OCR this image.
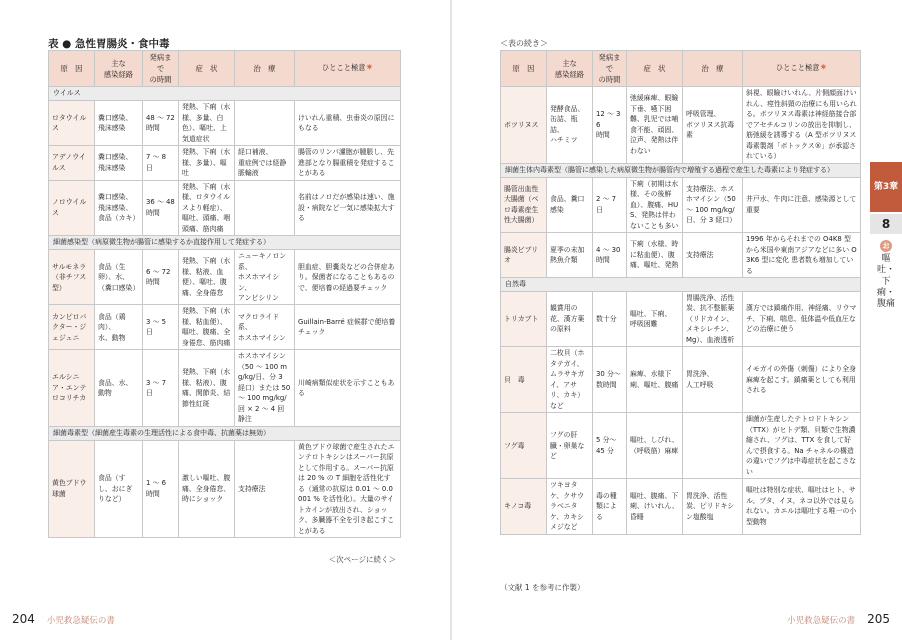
表 ● 急性胃腸炎・食中毒
原　因	主な
感染経路	発病まで
の時間	症　状	治　療	ひとこと極意✷
ウイルス					
ロタウイルス	糞口感染、
飛沫感染	48 〜 72
時間	発熱、下痢（水様、多量、白色）、嘔吐、上気道症状		けいれん重積、虫垂炎の原因にもなる
アデノウイルス	糞口感染、
飛沫感染	7 〜 8 日	発熱、下痢（水様、多量）、嘔吐	経口補液、
重症例では経静脈輸液	腸管のリンパ濾胞が腫脹し、先進部となり腸重積を発症することがある
ノロウイルス	糞口感染、
飛沫感染、
食品（カキ）	36 〜 48
時間	発熱、下痢（水様、ロタウイルスより軽症）、嘔吐、頭痛、咽頭痛、筋肉痛		名前はノロだが感染は速い、施設・病院など一気に感染拡大する
細菌感染型（病原微生物が腸管に感染するか直接作用して発症する）					
サルモネラ（非チフス型）	食品（生卵）、水、（糞口感染）	6 〜 72
時間	発熱、下痢（水様、粘液、血便）、嘔吐、腹痛、全身倦怠	ニューキノロン系、
ホスホマイシン、
アンピシリン	胆血症、胆嚢炎などの合併症あり。保菌者になることもあるので、便培養の経過要チェック
カンピロバクター・ジェジュニ	食品（鶏肉）、
水、動物	3 〜 5 日	発熱、下痢（水様、粘血便）、嘔吐、腹痛、全身倦怠、筋肉痛	マクロライド系、
ホスホマイシン	Guillain-Barré 症候群で便培養チェック
エルシニア・エンテロコリチカ	食品、水、
動物	3 〜 7 日	発熱、下痢（水様、粘液）、腹痛、関節炎、結節性紅斑	ホスホマイシン
（50 〜 100 mg/kg/日、分 3 経口）または 50 〜 100 mg/kg/回 × 2 〜 4 回静注	川崎病類似症状を示すこともある
細菌毒素型（細菌産生毒素の生理活性による食中毒、抗菌薬は無効）					
黄色ブドウ球菌	食品（すし、おにぎりなど）	1 〜 6
時間	激しい嘔吐、腹痛、全身倦怠、時にショック	支持療法	黄色ブドウ球菌で産生されたエンテロトキシンはスーパー抗原として作用する。スーパー抗原は 20 % の T 細胞を活性化する（通常の抗原は 0.01 〜 0.0001 % を活性化）。大量のサイトカインが放出され、ショック、多臓器不全を引き起こすことがある
＜次ページに続く＞
204 小児救急疑伝の書
＜表の続き＞
原　因	主な
感染経路	発病まで
の時間	症　状	治　療	ひとこと極意✷
ボツリヌス	発酵食品、
缶詰、瓶詰、
ハチミツ	12 〜 36
時間	弛緩麻痺、眼瞼下垂、嚥下困難、乳児では哺食不能、頑固、泣声、発熱は伴わない	呼吸管理、
ボツリヌス抗毒素	斜視、眼瞼けいれん、片側顔面けいれん、痙性斜頸の治療にも用いられる。ボツリヌス毒素は神経筋接合部でアセチルコリンの放出を抑制し、筋弛緩を誘導する（A 型ボツリヌス毒素製剤「ボトックス®」が承認されている）
細菌生体内毒素型（腸管に感染した病原微生物が腸管内で増殖する過程で産生した毒素により発症する）					
腸管出血性大腸菌（ベロ毒素産生性大腸菌）	食品、糞口感染	2 〜 7 日	下痢（初期は水様、その後鮮血）、腹痛、HUS、発熱は伴わないことも多い	支持療法、ホスホマイシン（50 〜 100 mg/kg/日、分 3 経口）	井戸水、牛肉に注意、感染源として重要
腸炎ビブリオ	夏季の未加熱魚介類	4 〜 30
時間	下痢（水様、時に粘血便）、腹痛、嘔吐、発熱	支持療法	1996 年からそれまでの O4K8 型から米国や東南アジアなどに多い O3K6 型に変化 患者数も増加している
自然毒					
トリカブト	観賞用の花、漢方薬の原料	数十分	嘔吐、下痢、
呼吸困難	胃腸洗浄、活性炭、抗不整脈薬（リドカイン、メキシレチン、Mg）、血液透析	漢方では鎮痛作用、神経痛、リウマチ、下痢、喘息、低体温や低血圧などの治療に使う
貝　毒	二枚貝（ホタテガイ、ムラサキガイ、アサリ、カキ）など	30 分〜数時間	麻痺、水様下痢、嘔吐、腹痛	胃洗浄、
人工呼吸	イモガイの外傷（刺傷）により全身麻痺を起こす。鎮痛薬としても利用される
フグ毒	フグの肝臓・卵巣など	5 分〜
45 分	嘔吐、しびれ、（呼吸筋）麻痺		細菌が生産したテトロドトキシン（TTX）がヒトデ類、貝類で生物濃縮され、フグは、TTX を食して好んで摂食する。Na チャネルの構造の違いでフグは中毒症状を起こさない
キノコ毒	ツキヨタケ、クサウラベニタケ、カキシメジなど	毒の種類による	嘔吐、腹痛、下痢、けいれん、昏睡	胃洗浄、活性炭、ピリドキシン塩酸塩	嘔吐は特別な症状、嘔吐はヒト、サル、ブタ、イヌ、ネコ以外では見られない。カエルは嘔吐する唯一の小型動物
（文献 1 を参考に作製）
小児救急疑伝の書 205
第3章
8
お
嘔吐・下痢・腹痛
